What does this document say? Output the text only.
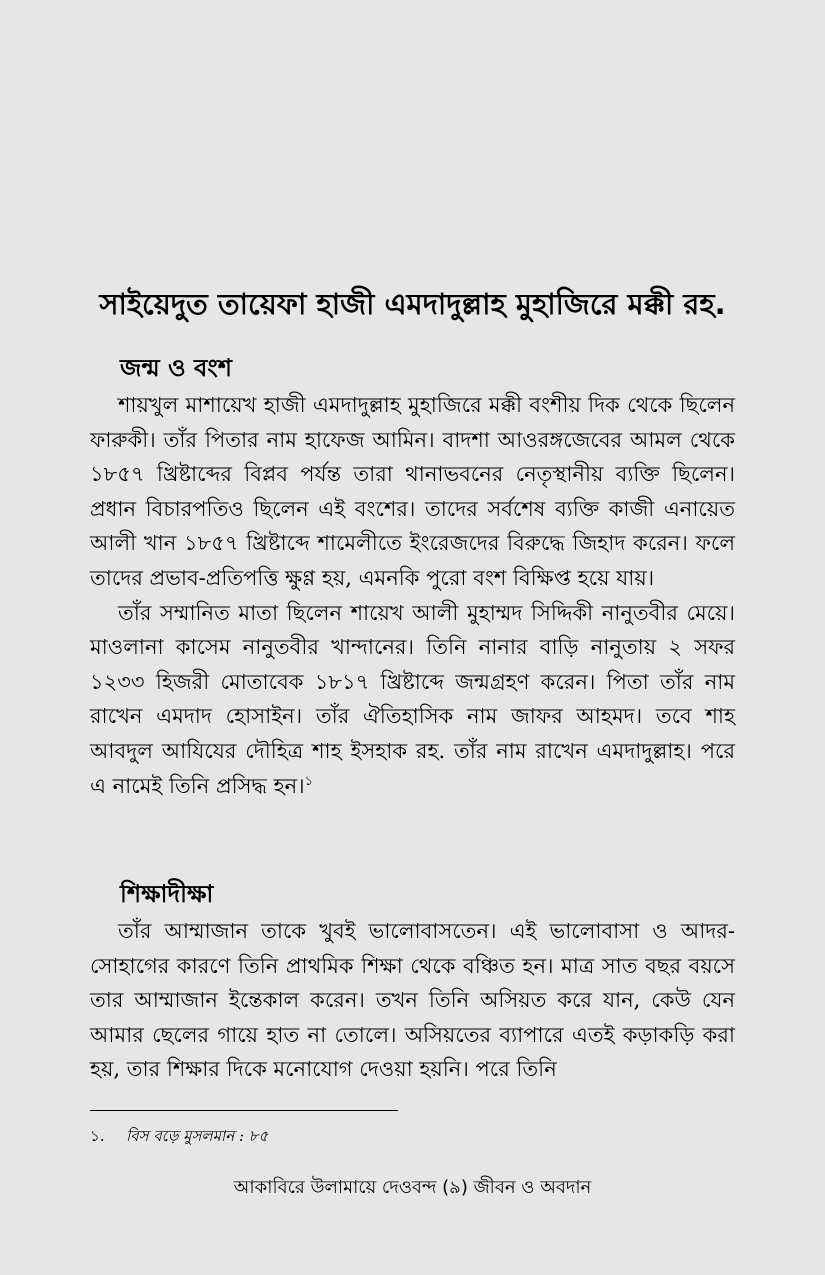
সাইয়েদুত তায়েফা হাজী এমদাদুল্লাহ মুহাজিরে মক্কী রহ.
জন্ম ও বংশ

শায়খুল মাশায়েখ হাজী এমদাদুল্লাহ মুহাজিরে মক্কী বংশীয় দিক থেকে ছিলেন ফারুকী। তাঁর পিতার নাম হাফেজ আমিন। বাদশা আওরঙ্গজেবের আমল থেকে ১৮৫৭ খ্রিষ্টাব্দের বিপ্লব পর্যন্ত তারা থানাভবনের নেতৃস্থানীয় ব্যক্তি ছিলেন। প্রধান বিচারপতিও ছিলেন এই বংশের। তাদের সর্বশেষ ব্যক্তি কাজী এনায়েত আলী খান ১৮৫৭ খ্রিষ্টাব্দে শামেলীতে ইংরেজদের বিরুদ্ধে জিহাদ করেন। ফলে তাদের প্রভাব-প্রতিপত্তি ক্ষুণ্ণ হয়, এমনকি পুরো বংশ বিক্ষিপ্ত হয়ে যায়।

তাঁর সম্মানিত মাতা ছিলেন শায়েখ আলী মুহাম্মদ সিদ্দিকী নানুতবীর মেয়ে। মাওলানা কাসেম নানুতবীর খান্দানের। তিনি নানার বাড়ি নানুতায় ২ সফর ১২৩৩ হিজরী মোতাবেক ১৮১৭ খ্রিষ্টাব্দে জন্মগ্রহণ করেন। পিতা তাঁর নাম রাখেন এমদাদ হোসাইন। তাঁর ঐতিহাসিক নাম জাফর আহমদ। তবে শাহ আবদুল আযিযের দৌহিত্র শাহ ইসহাক রহ. তাঁর নাম রাখেন এমদাদুল্লাহ। পরে এ নামেই তিনি প্রসিদ্ধ হন।$^১$

শিক্ষাদীক্ষা

তাঁর আম্মাজান তাকে খুবই ভালোবাসতেন। এই ভালোবাসা ও আদর-সোহাগের কারণে তিনি প্রাথমিক শিক্ষা থেকে বঞ্চিত হন। মাত্র সাত বছর বয়সে তার আম্মাজান ইন্তেকাল করেন। তখন তিনি অসিয়ত করে যান, কেউ যেন আমার ছেলের গায়ে হাত না তোলে। অসিয়তের ব্যাপারে এতই কড়াকড়ি করা হয়, তার শিক্ষার দিকে মনোযোগ দেওয়া হয়নি। পরে তিনি

১. বিস বড়ে মুসলমান : ৮৫
আকাবিরে উলামায়ে দেওবন্দ (৯) জীবন ও অবদান
